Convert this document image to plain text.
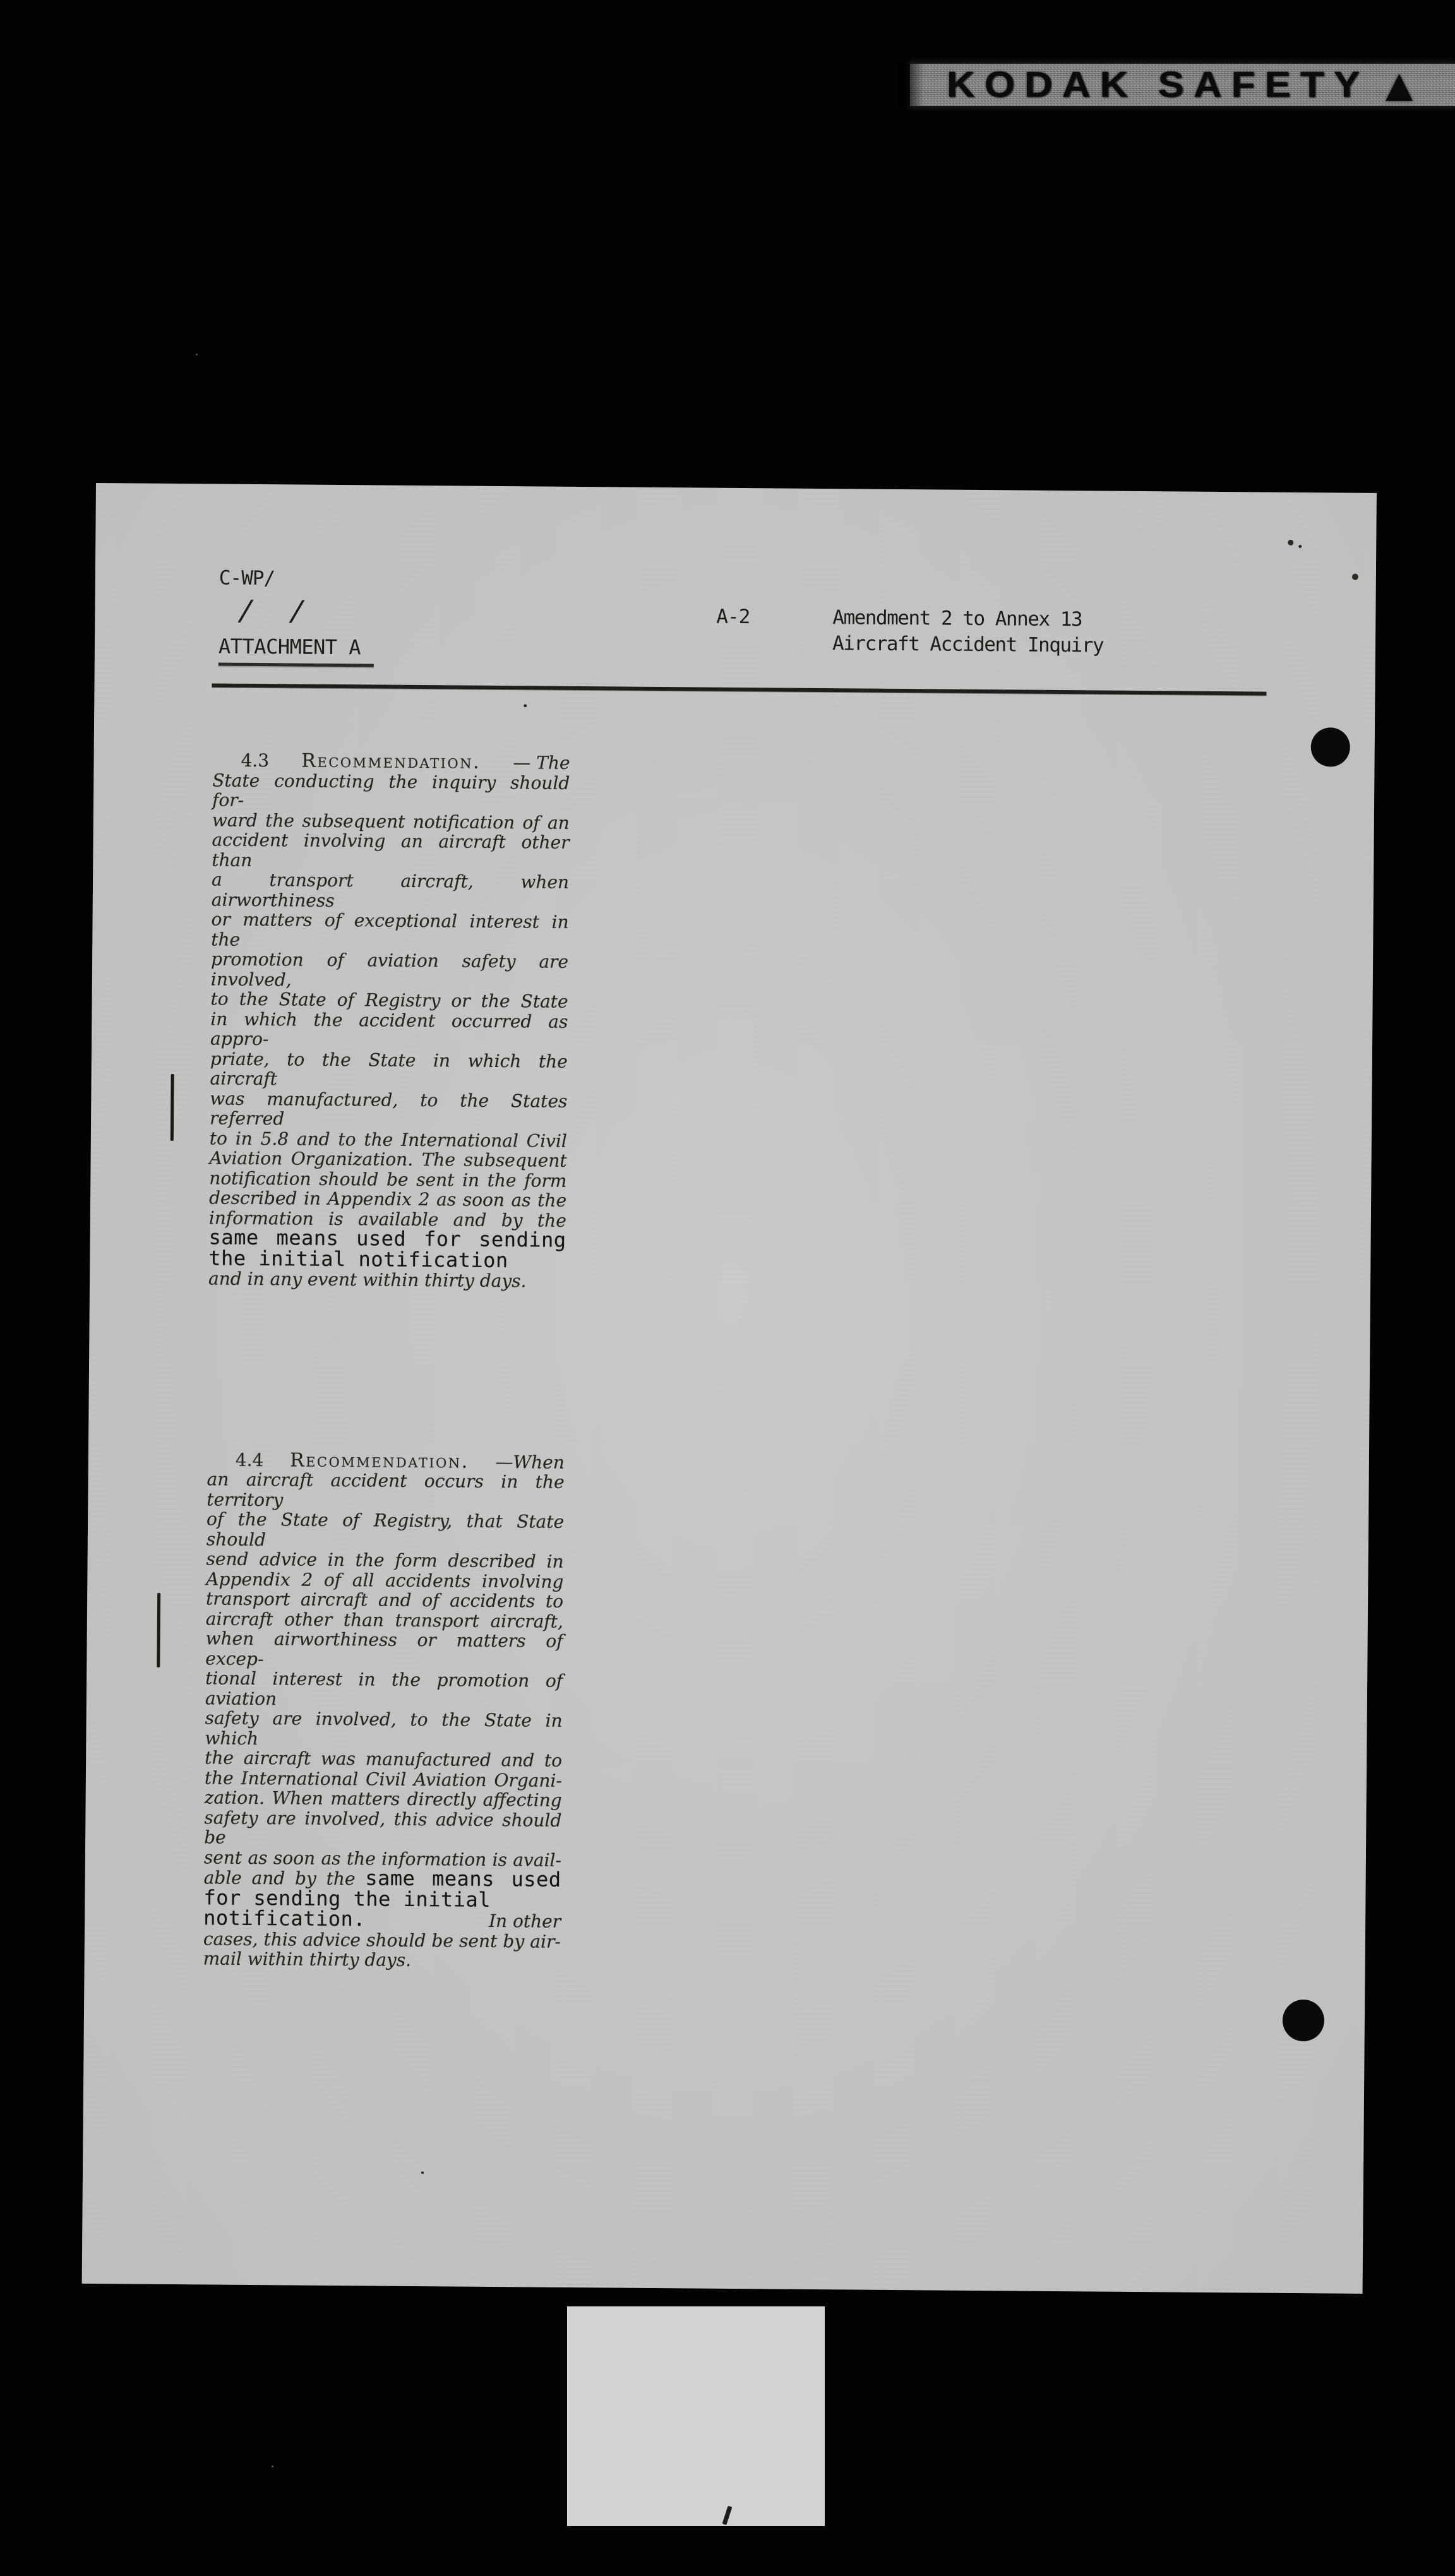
KODAK SAFETY ▲
C-WP/
/ /
ATTACHMENT A
A-2	Amendment 2 to Annex 13
Aircraft Accident Inquiry
4.3 Recommendation. — The
State conducting the inquiry should for-
ward the subsequent notification of an
accident involving an aircraft other than
a transport aircraft, when airworthiness
or matters of exceptional interest in the
promotion of aviation safety are involved,
to the State of Registry or the State
in which the accident occurred as appro-
priate, to the State in which the aircraft
was manufactured, to the States referred
to in 5.8 and to the International Civil
Aviation Organization. The subsequent
notification should be sent in the form
described in Appendix 2 as soon as the
information is available and by the
same means used for sending
the initial notification
and in any event within thirty days.
4.4 Recommendation. —When
an aircraft accident occurs in the territory
of the State of Registry, that State should
send advice in the form described in
Appendix 2 of all accidents involving
transport aircraft and of accidents to
aircraft other than transport aircraft,
when airworthiness or matters of excep-
tional interest in the promotion of aviation
safety are involved, to the State in which
the aircraft was manufactured and to
the International Civil Aviation Organi-
zation. When matters directly affecting
safety are involved, this advice should be
sent as soon as the information is avail-
able and by the same means used
for sending the initial
notification.	In other
cases, this advice should be sent by air-
mail within thirty days.
